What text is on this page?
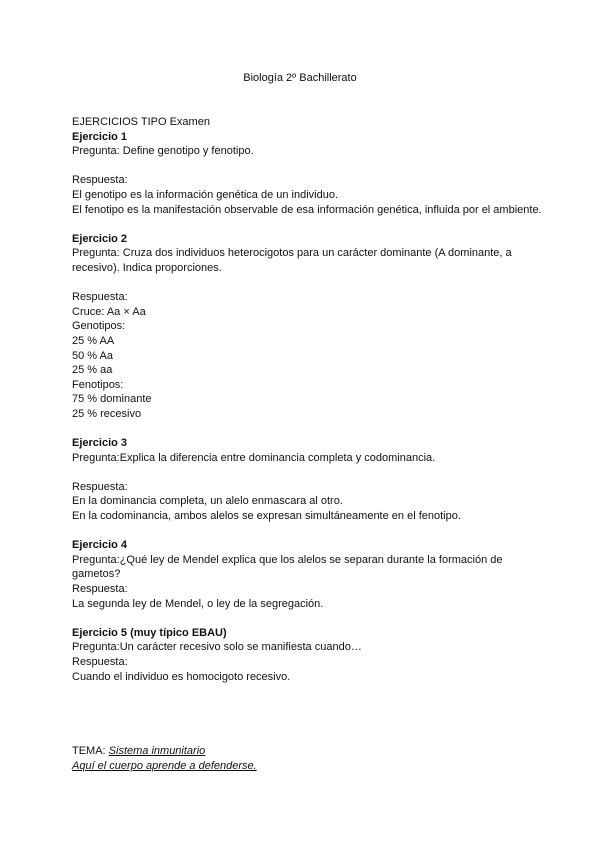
Biología 2º Bachillerato
EJERCICIOS TIPO Examen
Ejercicio 1
Pregunta: Define genotipo y fenotipo.
Respuesta:
El genotipo es la información genética de un individuo.
El fenotipo es la manifestación observable de esa información genética, influida por el ambiente.
Ejercicio 2
Pregunta: Cruza dos individuos heterocigotos para un carácter dominante (A dominante, a recesivo). Indica proporciones.
Respuesta:
Cruce: Aa × Aa
Genotipos:
25 % AA
50 % Aa
25 % aa
Fenotipos:
75 % dominante
25 % recesivo
Ejercicio 3
Pregunta:Explica la diferencia entre dominancia completa y codominancia.
Respuesta:
En la dominancia completa, un alelo enmascara al otro.
En la codominancia, ambos alelos se expresan simultáneamente en el fenotipo.
Ejercicio 4
Pregunta:¿Qué ley de Mendel explica que los alelos se separan durante la formación de gametos?
Respuesta:
La segunda ley de Mendel, o ley de la segregación.
Ejercicio 5 (muy típico EBAU)
Pregunta:Un carácter recesivo solo se manifiesta cuando…
Respuesta:
Cuando el individuo es homocigoto recesivo.
TEMA: Sistema inmunitario
Aquí el cuerpo aprende a defenderse.
